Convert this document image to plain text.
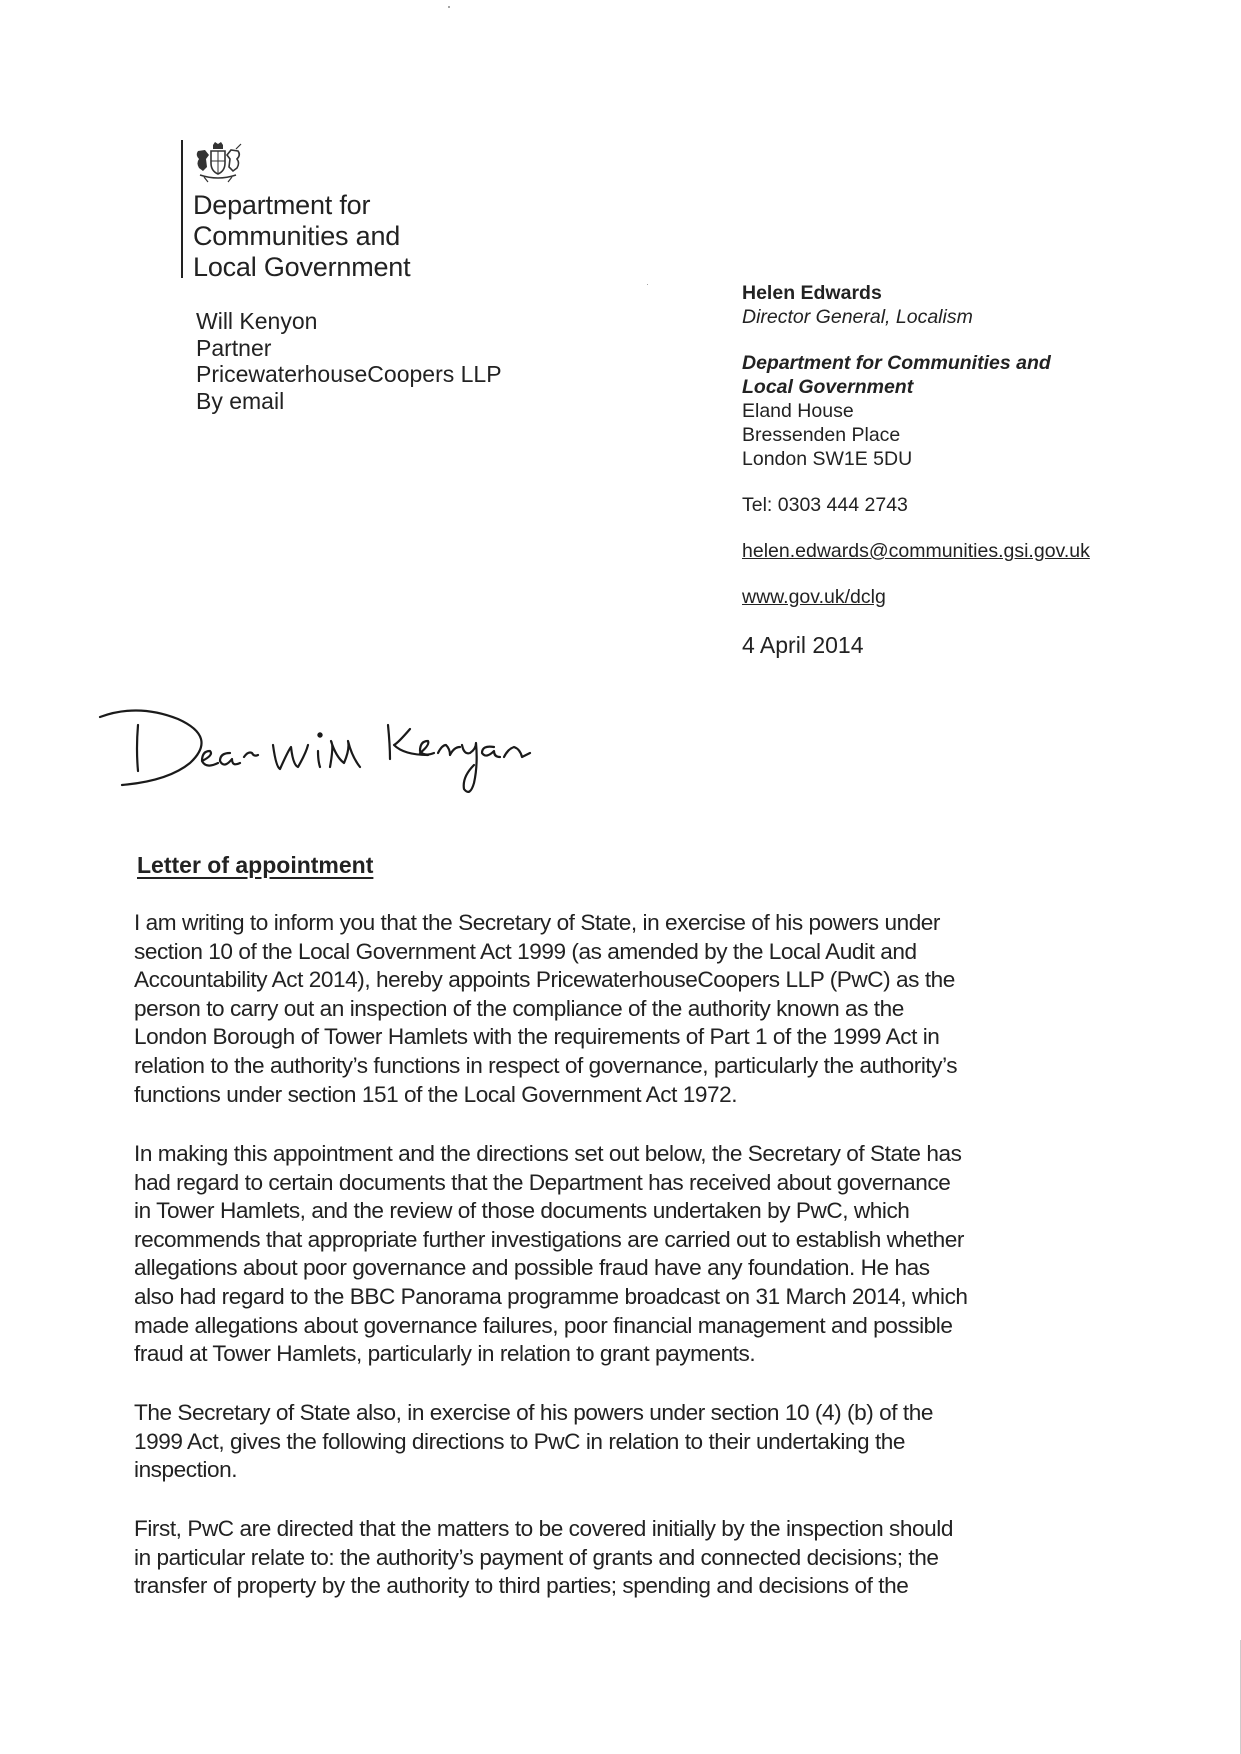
Department for
Communities and
Local Government
Will Kenyon
Partner
PricewaterhouseCoopers LLP
By email
Helen Edwards
Director General, Localism
Department for Communities and
Local Government
Eland House
Bressenden Place
London SW1E 5DU
Tel: 0303 444 2743
helen.edwards@communities.gsi.gov.uk
www.gov.uk/dclg
4 April 2014
Letter of appointment
I am writing to inform you that the Secretary of State, in exercise of his powers under
section 10 of the Local Government Act 1999 (as amended by the Local Audit and
Accountability Act 2014), hereby appoints PricewaterhouseCoopers LLP (PwC) as the
person to carry out an inspection of the compliance of the authority known as the
London Borough of Tower Hamlets with the requirements of Part 1 of the 1999 Act in
relation to the authority’s functions in respect of governance, particularly the authority’s
functions under section 151 of the Local Government Act 1972.
In making this appointment and the directions set out below, the Secretary of State has
had regard to certain documents that the Department has received about governance
in Tower Hamlets, and the review of those documents undertaken by PwC, which
recommends that appropriate further investigations are carried out to establish whether
allegations about poor governance and possible fraud have any foundation. He has
also had regard to the BBC Panorama programme broadcast on 31 March 2014, which
made allegations about governance failures, poor financial management and possible
fraud at Tower Hamlets, particularly in relation to grant payments.
The Secretary of State also, in exercise of his powers under section 10 (4) (b) of the
1999 Act, gives the following directions to PwC in relation to their undertaking the
inspection.
First, PwC are directed that the matters to be covered initially by the inspection should
in particular relate to: the authority’s payment of grants and connected decisions; the
transfer of property by the authority to third parties; spending and decisions of the
